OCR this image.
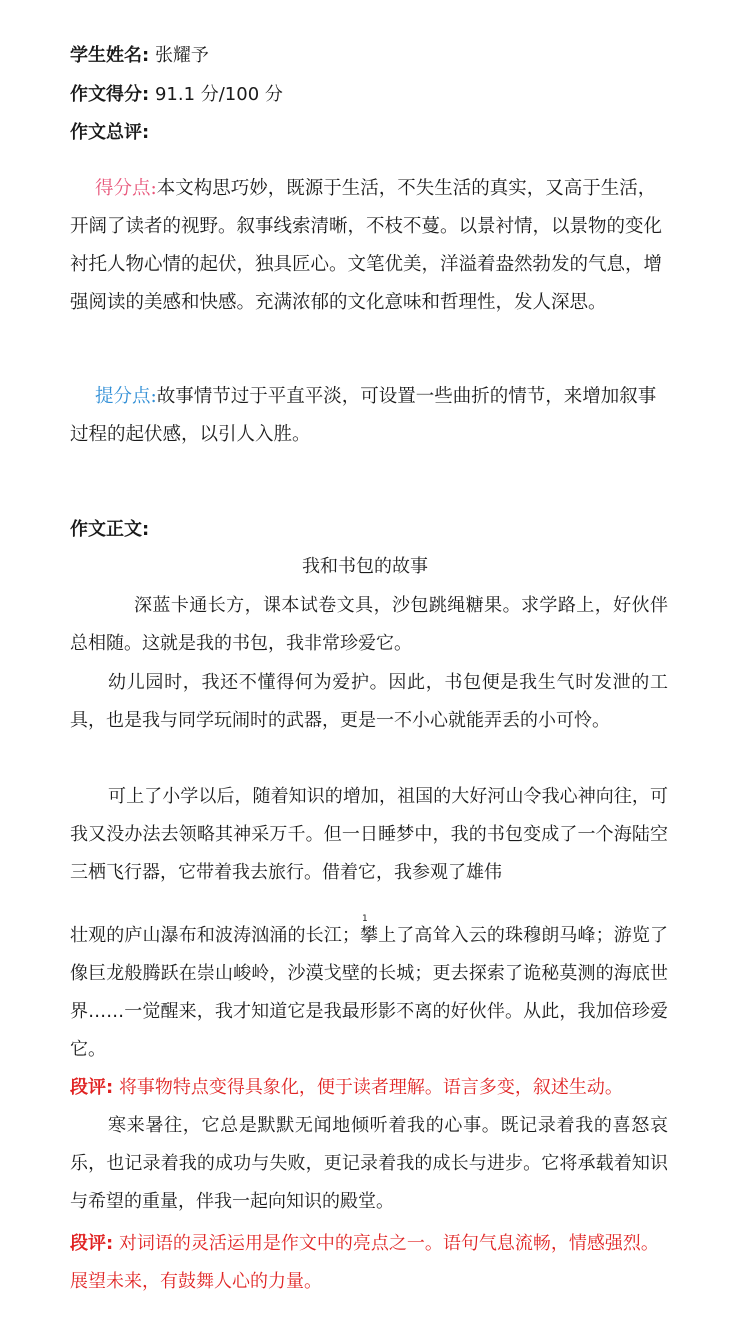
学生姓名: 张耀予
作文得分: 91.1 分/100 分
作文总评:
得分点:本文构思巧妙，既源于生活，不失生活的真实，又高于生活，开阔了读者的视野。叙事线索清晰，不枝不蔓。以景衬情，以景物的变化衬托人物心情的起伏，独具匠心。文笔优美，洋溢着盎然勃发的气息，增强阅读的美感和快感。充满浓郁的文化意味和哲理性，发人深思。
提分点:故事情节过于平直平淡，可设置一些曲折的情节，来增加叙事过程的起伏感，以引人入胜。
作文正文:
我和书包的故事
深蓝卡通长方，课本试卷文具，沙包跳绳糖果。求学路上，好伙伴总相随。这就是我的书包，我非常珍爱它。
幼儿园时，我还不懂得何为爱护。因此，书包便是我生气时发泄的工具，也是我与同学玩闹时的武器，更是一不小心就能弄丢的小可怜。
可上了小学以后，随着知识的增加，祖国的大好河山令我心神向往，可我又没办法去领略其神采万千。但一日睡梦中，我的书包变成了一个海陆空三栖飞行器，它带着我去旅行。借着它，我参观了雄伟
1
壮观的庐山瀑布和波涛汹涌的长江；攀上了高耸入云的珠穆朗马峰；游览了像巨龙般腾跃在崇山峻岭，沙漠戈壁的长城；更去探索了诡秘莫测的海底世界……一觉醒来，我才知道它是我最形影不离的好伙伴。从此，我加倍珍爱它。
段评: 将事物特点变得具象化，便于读者理解。语言多变，叙述生动。
寒来暑往，它总是默默无闻地倾听着我的心事。既记录着我的喜怒哀乐，也记录着我的成功与失败，更记录着我的成长与进步。它将承载着知识与希望的重量，伴我一起向知识的殿堂。
段评: 对词语的灵活运用是作文中的亮点之一。语句气息流畅，情感强烈。展望未来，有鼓舞人心的力量。
